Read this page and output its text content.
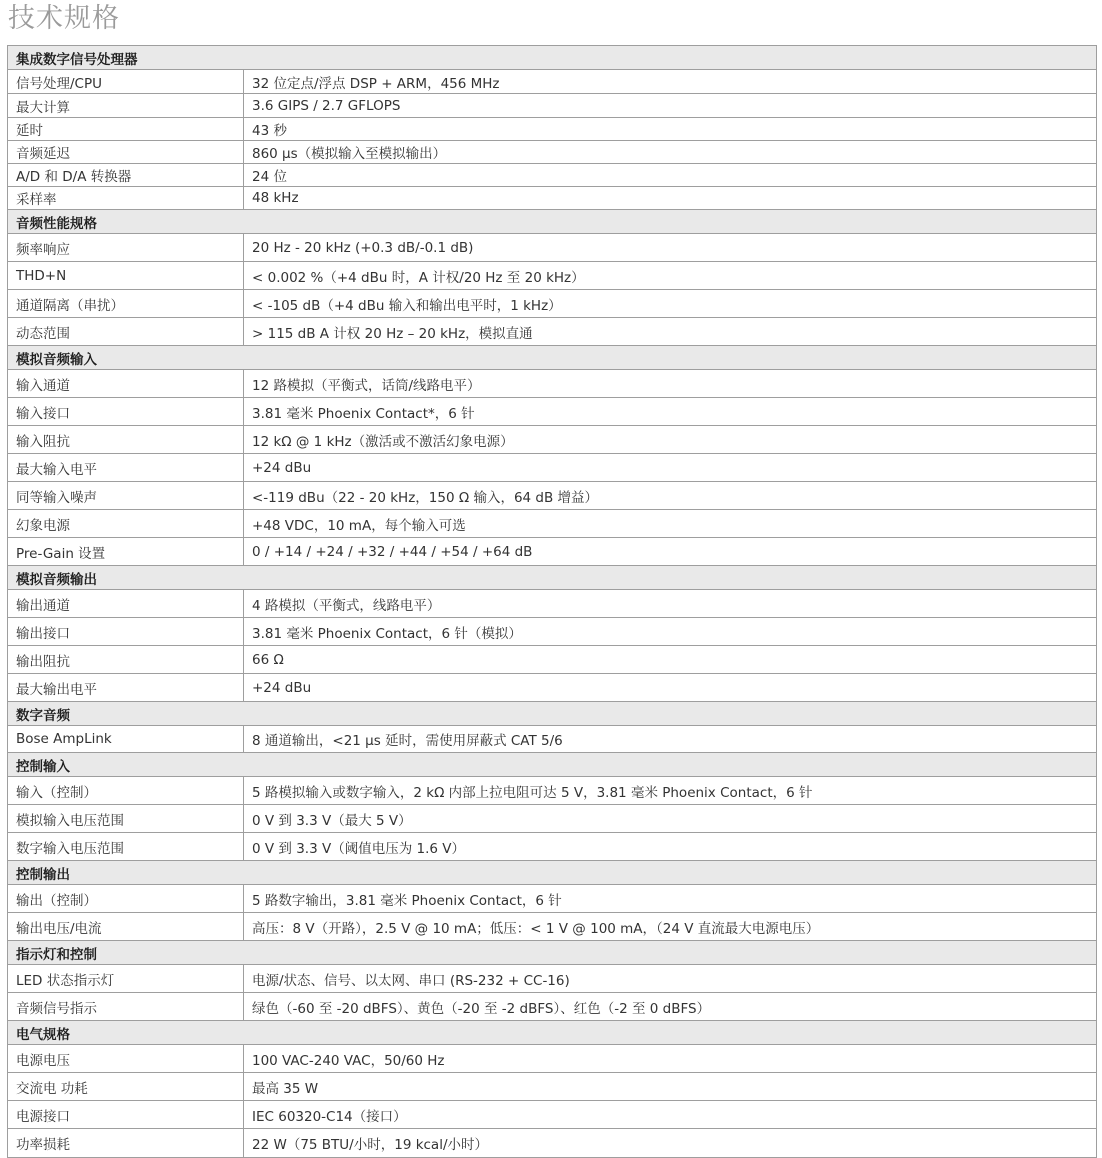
技术规格
集成数字信号处理器	
信号处理/CPU	32 位定点/浮点 DSP + ARM，456 MHz
最大计算	3.6 GIPS / 2.7 GFLOPS
延时	43 秒
音频延迟	860 µs（模拟输入至模拟输出）
A/D 和 D/A 转换器	24 位
采样率	48 kHz
音频性能规格	
频率响应	20 Hz - 20 kHz (+0.3 dB/-0.1 dB)
THD+N	< 0.002 %（+4 dBu 时，A 计权/20 Hz 至 20 kHz）
通道隔离（串扰）	< -105 dB（+4 dBu 输入和输出电平时，1 kHz）
动态范围	> 115 dB A 计权 20 Hz – 20 kHz，模拟直通
模拟音频输入	
输入通道	12 路模拟（平衡式，话筒/线路电平）
输入接口	3.81 毫米 Phoenix Contact*，6 针
输入阻抗	12 kΩ @ 1 kHz（激活或不激活幻象电源）
最大输入电平	+24 dBu
同等输入噪声	<-119 dBu（22 - 20 kHz，150 Ω 输入，64 dB 增益）
幻象电源	+48 VDC，10 mA，每个输入可选
Pre-Gain 设置	0 / +14 / +24 / +32 / +44 / +54 / +64 dB
模拟音频输出	
输出通道	4 路模拟（平衡式，线路电平）
输出接口	3.81 毫米 Phoenix Contact，6 针（模拟）
输出阻抗	66 Ω
最大输出电平	+24 dBu
数字音频	
Bose AmpLink	8 通道输出，<21 µs 延时，需使用屏蔽式 CAT 5/6
控制输入	
输入（控制）	5 路模拟输入或数字输入，2 kΩ 内部上拉电阻可达 5 V，3.81 毫米 Phoenix Contact，6 针
模拟输入电压范围	0 V 到 3.3 V（最大 5 V）
数字输入电压范围	0 V 到 3.3 V（阈值电压为 1.6 V）
控制输出	
输出（控制）	5 路数字输出，3.81 毫米 Phoenix Contact，6 针
输出电压/电流	高压：8 V（开路），2.5 V @ 10 mA；低压：< 1 V @ 100 mA，（24 V 直流最大电源电压）
指示灯和控制	
LED 状态指示灯	电源/状态、信号、以太网、串口 (RS-232 + CC-16)
音频信号指示	绿色（-60 至 -20 dBFS）、黄色（-20 至 -2 dBFS）、红色（-2 至 0 dBFS）
电气规格	
电源电压	100 VAC-240 VAC，50/60 Hz
交流电 功耗	最高 35 W
电源接口	IEC 60320-C14（接口）
功率损耗	22 W（75 BTU/小时，19 kcal/小时）
